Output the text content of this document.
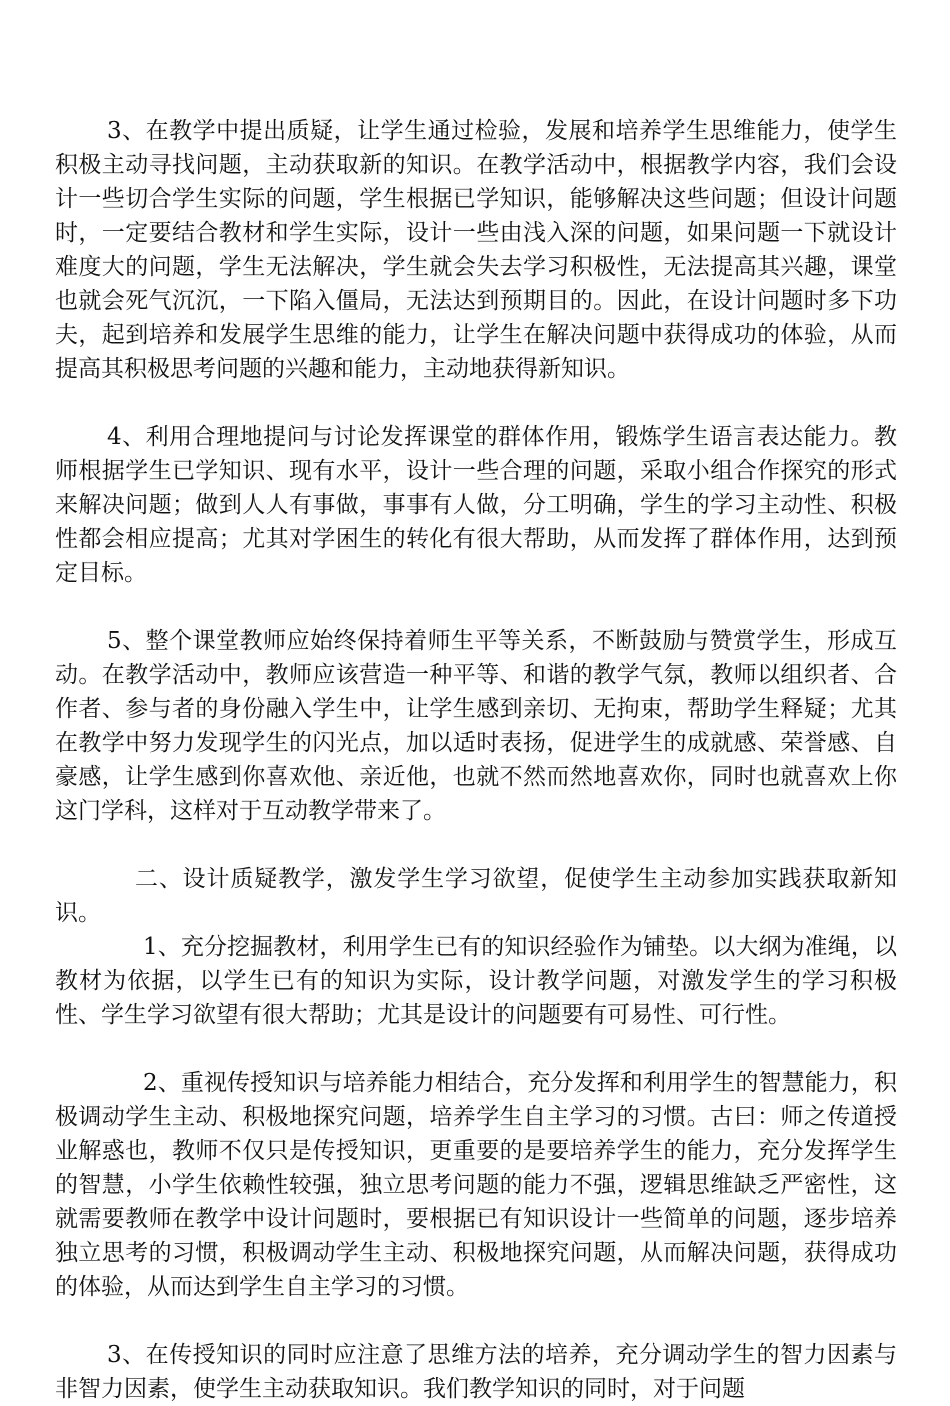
3、在教学中提出质疑，让学生通过检验，发展和培养学生思维能力，使学生积极主动寻找问题，主动获取新的知识。在教学活动中，根据教学内容，我们会设计一些切合学生实际的问题，学生根据已学知识，能够解决这些问题；但设计问题时，一定要结合教材和学生实际，设计一些由浅入深的问题，如果问题一下就设计难度大的问题，学生无法解决，学生就会失去学习积极性，无法提高其兴趣，课堂也就会死气沉沉，一下陷入僵局，无法达到预期目的。因此，在设计问题时多下功夫，起到培养和发展学生思维的能力，让学生在解决问题中获得成功的体验，从而提高其积极思考问题的兴趣和能力，主动地获得新知识。

4、利用合理地提问与讨论发挥课堂的群体作用，锻炼学生语言表达能力。教师根据学生已学知识、现有水平，设计一些合理的问题，采取小组合作探究的形式来解决问题；做到人人有事做，事事有人做，分工明确，学生的学习主动性、积极性都会相应提高；尤其对学困生的转化有很大帮助，从而发挥了群体作用，达到预定目标。

5、整个课堂教师应始终保持着师生平等关系，不断鼓励与赞赏学生，形成互动。在教学活动中，教师应该营造一种平等、和谐的教学气氛，教师以组织者、合作者、参与者的身份融入学生中，让学生感到亲切、无拘束，帮助学生释疑；尤其在教学中努力发现学生的闪光点，加以适时表扬，促进学生的成就感、荣誉感、自豪感，让学生感到你喜欢他、亲近他，也就不然而然地喜欢你，同时也就喜欢上你这门学科，这样对于互动教学带来了。

二、设计质疑教学，激发学生学习欲望，促使学生主动参加实践获取新知识。

1、充分挖掘教材，利用学生已有的知识经验作为铺垫。以大纲为准绳，以教材为依据，以学生已有的知识为实际，设计教学问题，对激发学生的学习积极性、学生学习欲望有很大帮助；尤其是设计的问题要有可易性、可行性。

2、重视传授知识与培养能力相结合，充分发挥和利用学生的智慧能力，积极调动学生主动、积极地探究问题，培养学生自主学习的习惯。古曰：师之传道授业解惑也，教师不仅只是传授知识，更重要的是要培养学生的能力，充分发挥学生的智慧，小学生依赖性较强，独立思考问题的能力不强，逻辑思维缺乏严密性，这就需要教师在教学中设计问题时，要根据已有知识设计一些简单的问题，逐步培养独立思考的习惯，积极调动学生主动、积极地探究问题，从而解决问题，获得成功的体验，从而达到学生自主学习的习惯。

3、在传授知识的同时应注意了思维方法的培养，充分调动学生的智力因素与非智力因素，使学生主动获取知识。我们教学知识的同时，对于问题
